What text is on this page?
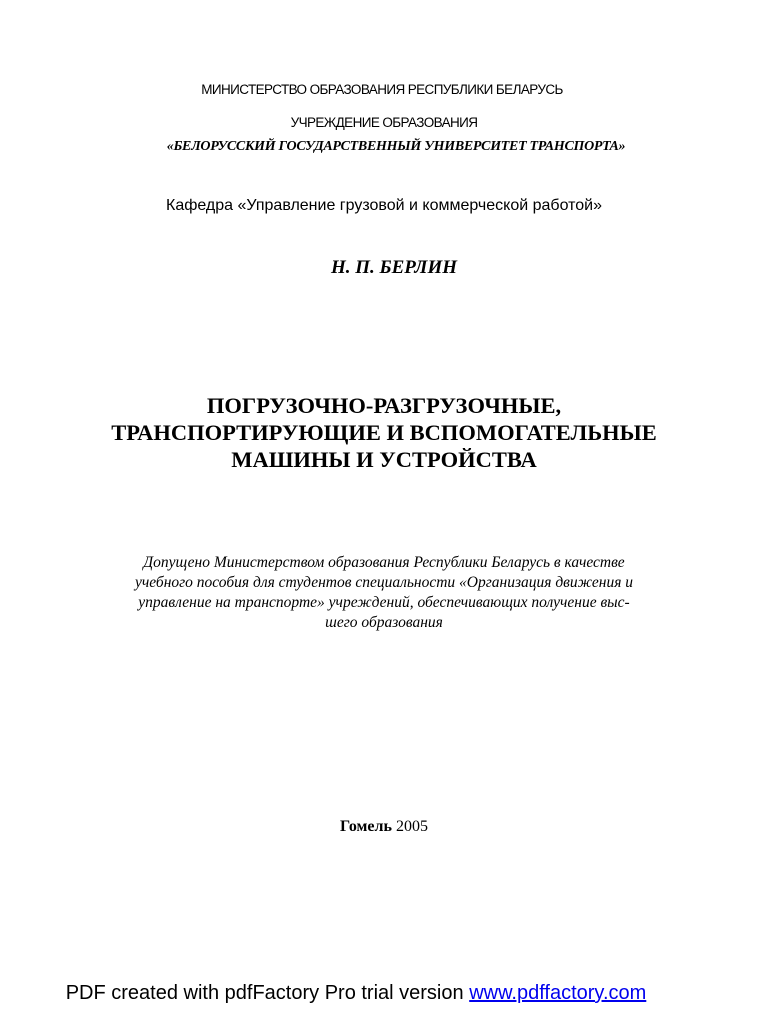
МИНИСТЕРСТВО ОБРАЗОВАНИЯ РЕСПУБЛИКИ БЕЛАРУСЬ
УЧРЕЖДЕНИЕ ОБРАЗОВАНИЯ
«БЕЛОРУССКИЙ ГОСУДАРСТВЕННЫЙ УНИВЕРСИТЕТ ТРАНСПОРТА»
Кафедра «Управление грузовой и коммерческой работой»
Н. П. БЕРЛИН
ПОГРУЗОЧНО-РАЗГРУЗОЧНЫЕ,
ТРАНСПОРТИРУЮЩИЕ И ВСПОМОГАТЕЛЬНЫЕ
МАШИНЫ И УСТРОЙСТВА
Допущено Министерством образования Республики Беларусь в качестве
учебного пособия для студентов специальности «Организация движения и
управление на транспорте» учреждений, обеспечивающих получение выс-
шего образования
Гомель 2005
PDF created with pdfFactory Pro trial version www.pdffactory.com
